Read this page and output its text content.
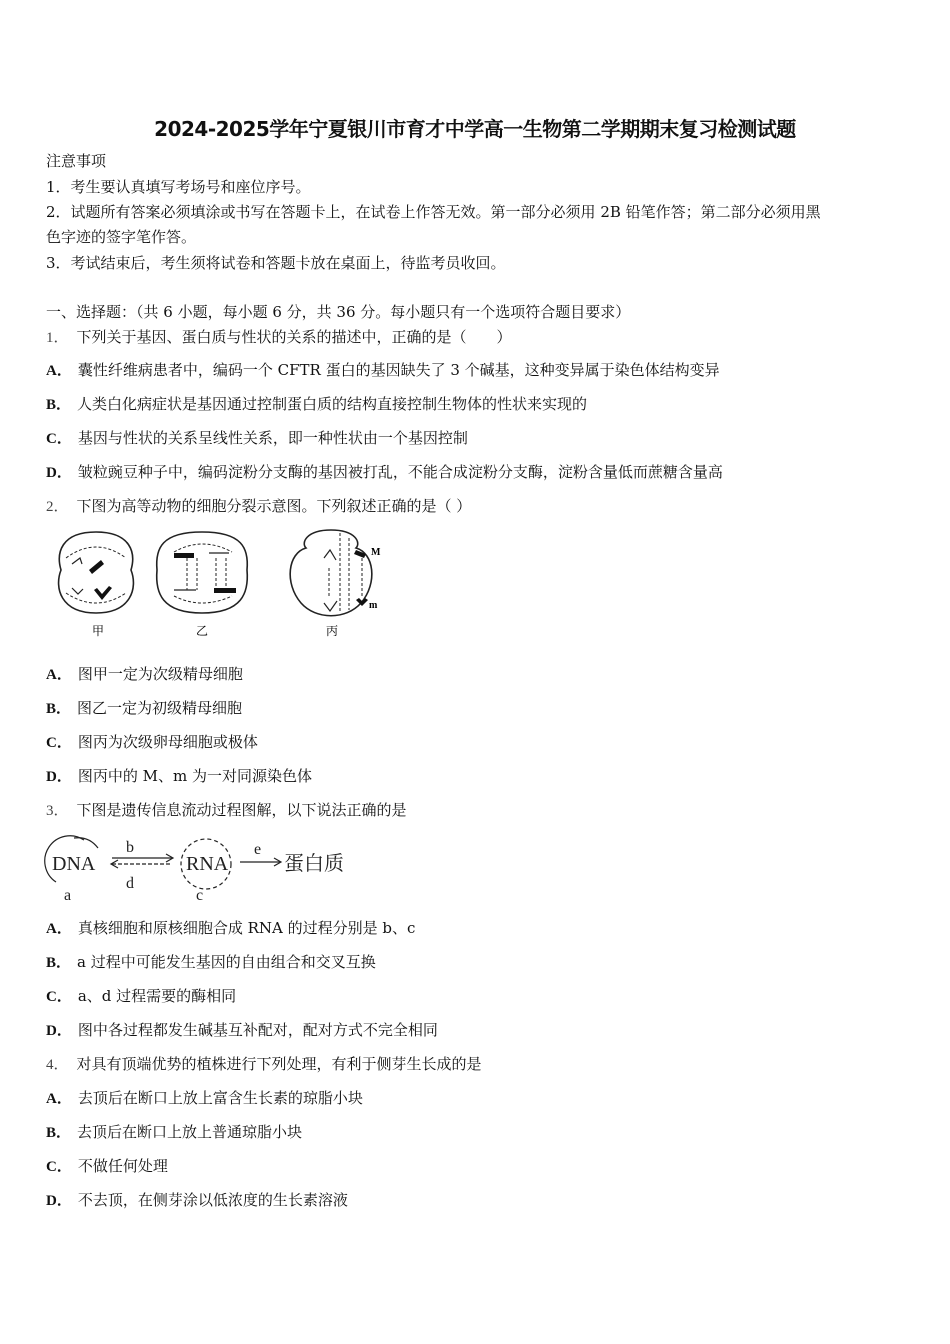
2024-2025学年宁夏银川市育才中学高一生物第二学期期末复习检测试题
注意事项
1．考生要认真填写考场号和座位序号。
2．试题所有答案必须填涂或书写在答题卡上，在试卷上作答无效。第一部分必须用 2B 铅笔作答；第二部分必须用黑
色字迹的签字笔作答。
3．考试结束后，考生须将试卷和答题卡放在桌面上，待监考员收回。
一、选择题：（共 6 小题，每小题 6 分，共 36 分。每小题只有一个选项符合题目要求）
1． 下列关于基因、蛋白质与性状的关系的描述中，正确的是（　　）
A． 囊性纤维病患者中，编码一个 CFTR 蛋白的基因缺失了 3 个碱基，这种变异属于染色体结构变异
B． 人类白化病症状是基因通过控制蛋白质的结构直接控制生物体的性状来实现的
C． 基因与性状的关系呈线性关系，即一种性状由一个基因控制
D． 皱粒豌豆种子中，编码淀粉分支酶的基因被打乱，不能合成淀粉分支酶，淀粉含量低而蔗糖含量高
2． 下图为高等动物的细胞分裂示意图。下列叙述正确的是（ ）
M
m
甲	乙	丙
A． 图甲一定为次级精母细胞
B． 图乙一定为初级精母细胞
C． 图丙为次级卵母细胞或极体
D． 图丙中的 M、m 为一对同源染色体
3． 下图是遗传信息流动过程图解，以下说法正确的是
DNA	RNA	蛋白质
b
d
a	c
e
A． 真核细胞和原核细胞合成 RNA 的过程分别是 b、c
B． a 过程中可能发生基因的自由组合和交叉互换
C． a、d 过程需要的酶相同
D． 图中各过程都发生碱基互补配对，配对方式不完全相同
4． 对具有顶端优势的植株进行下列处理，有利于侧芽生长成的是
A． 去顶后在断口上放上富含生长素的琼脂小块
B． 去顶后在断口上放上普通琼脂小块
C． 不做任何处理
D． 不去顶，在侧芽涂以低浓度的生长素溶液
